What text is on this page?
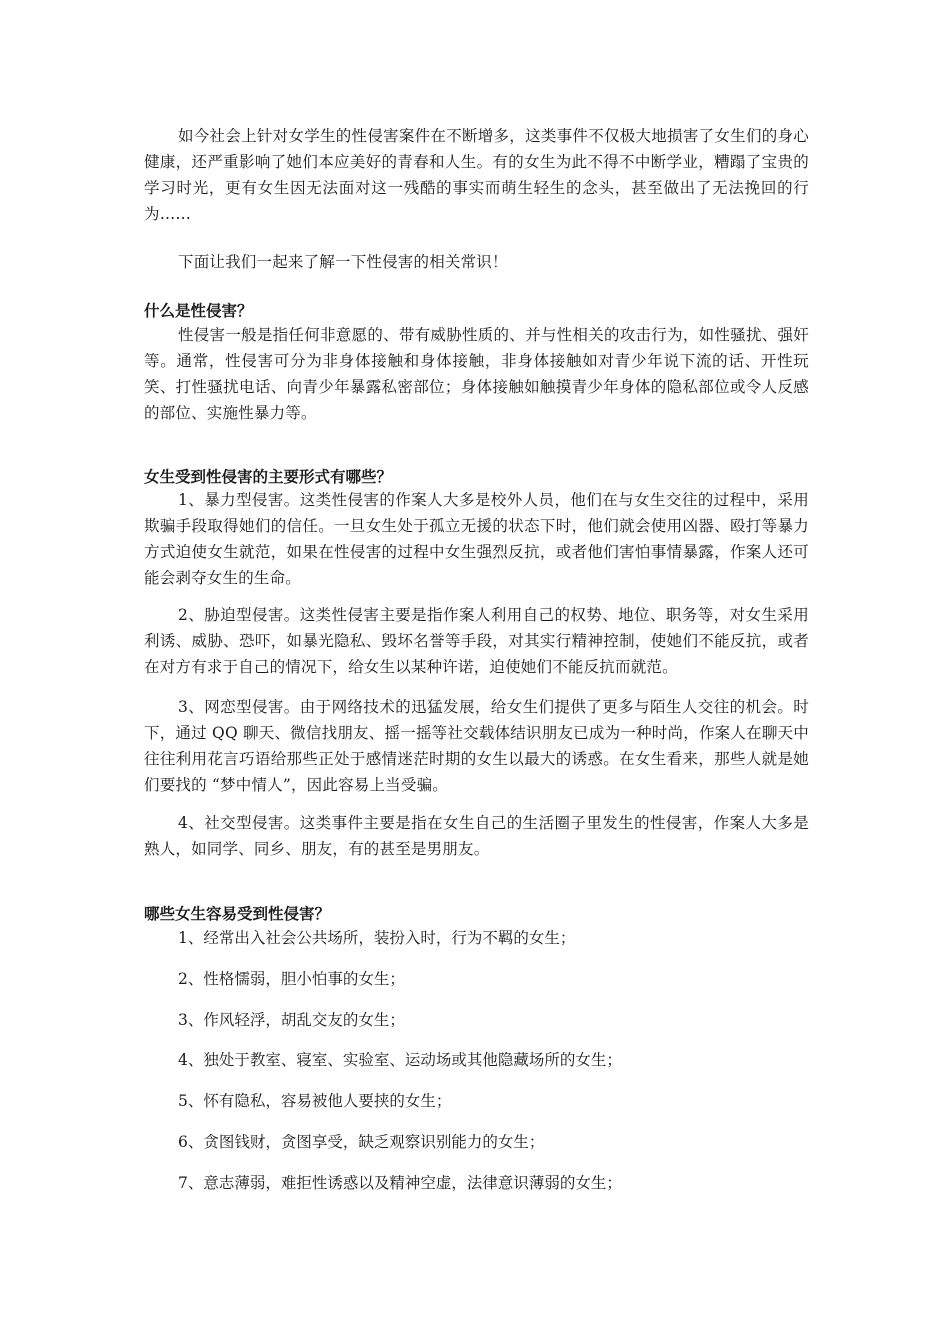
如今社会上针对女学生的性侵害案件在不断增多，这类事件不仅极大地损害了女生们的身心健康，还严重影响了她们本应美好的青春和人生。有的女生为此不得不中断学业，糟蹋了宝贵的学习时光，更有女生因无法面对这一残酷的事实而萌生轻生的念头，甚至做出了无法挽回的行为……

下面让我们一起来了解一下性侵害的相关常识！

什么是性侵害？

性侵害一般是指任何非意愿的、带有威胁性质的、并与性相关的攻击行为，如性骚扰、强奸等。通常，性侵害可分为非身体接触和身体接触，非身体接触如对青少年说下流的话、开性玩笑、打性骚扰电话、向青少年暴露私密部位；身体接触如触摸青少年身体的隐私部位或令人反感的部位、实施性暴力等。

女生受到性侵害的主要形式有哪些？

1、暴力型侵害。这类性侵害的作案人大多是校外人员，他们在与女生交往的过程中，采用欺骗手段取得她们的信任。一旦女生处于孤立无援的状态下时，他们就会使用凶器、殴打等暴力方式迫使女生就范，如果在性侵害的过程中女生强烈反抗，或者他们害怕事情暴露，作案人还可能会剥夺女生的生命。

2、胁迫型侵害。这类性侵害主要是指作案人利用自己的权势、地位、职务等，对女生采用利诱、威胁、恐吓，如暴光隐私、毁坏名誉等手段，对其实行精神控制，使她们不能反抗，或者在对方有求于自己的情况下，给女生以某种许诺，迫使她们不能反抗而就范。

3、网恋型侵害。由于网络技术的迅猛发展，给女生们提供了更多与陌生人交往的机会。时下，通过 QQ 聊天、微信找朋友、摇一摇等社交载体结识朋友已成为一种时尚，作案人在聊天中往往利用花言巧语给那些正处于感情迷茫时期的女生以最大的诱惑。在女生看来，那些人就是她们要找的 “梦中情人”，因此容易上当受骗。

4、社交型侵害。这类事件主要是指在女生自己的生活圈子里发生的性侵害，作案人大多是熟人，如同学、同乡、朋友，有的甚至是男朋友。

哪些女生容易受到性侵害？

1、经常出入社会公共场所，装扮入时，行为不羁的女生；

2、性格懦弱，胆小怕事的女生；

3、作风轻浮，胡乱交友的女生；

4、独处于教室、寝室、实验室、运动场或其他隐藏场所的女生；

5、怀有隐私，容易被他人要挟的女生；

6、贪图钱财，贪图享受，缺乏观察识别能力的女生；

7、意志薄弱，难拒性诱惑以及精神空虚，法律意识薄弱的女生；
